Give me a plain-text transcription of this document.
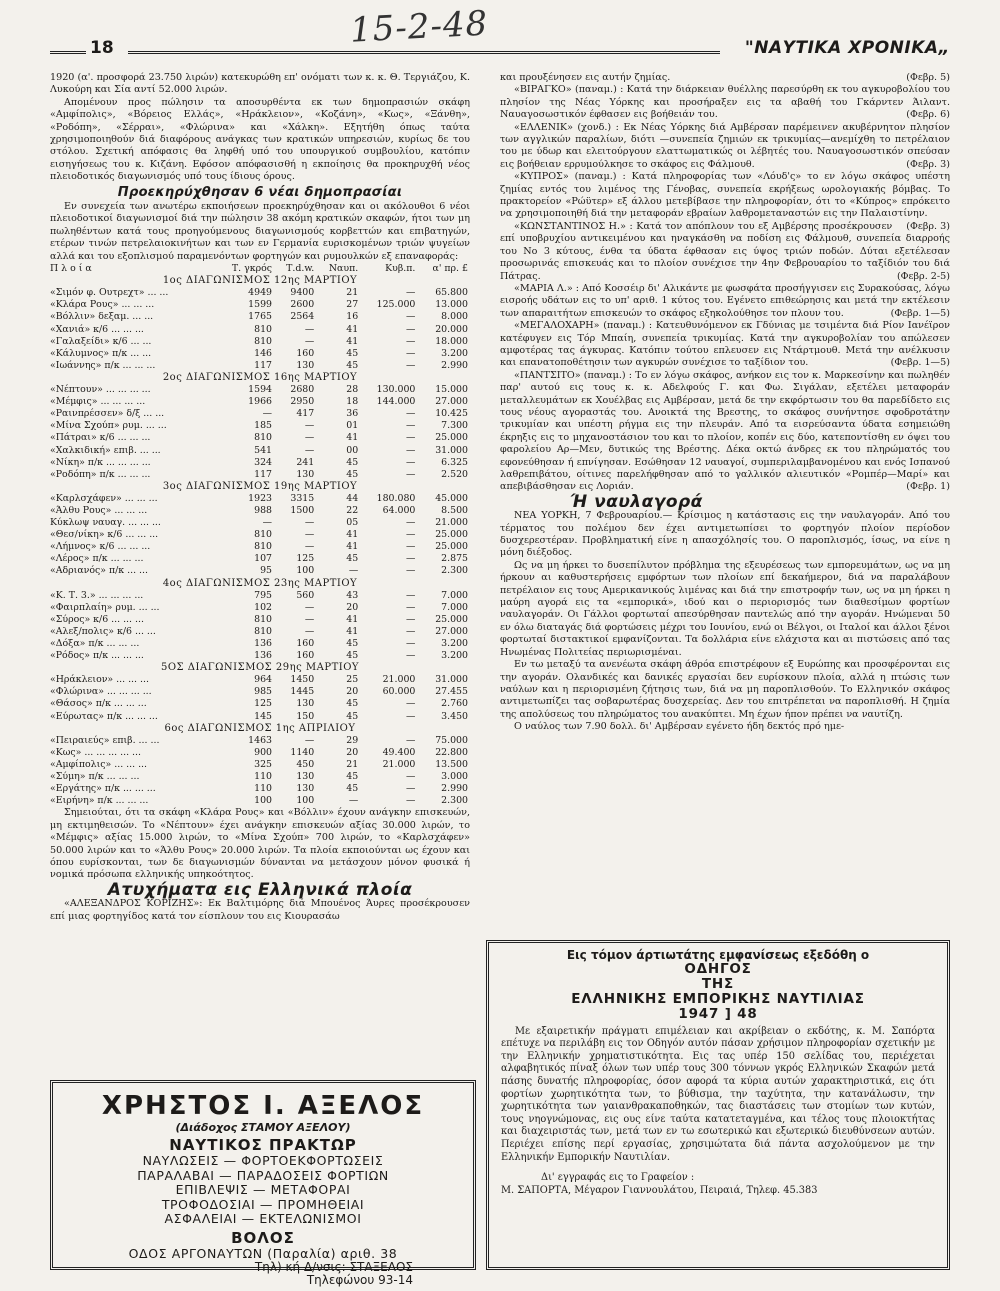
15-2-48
18	"ΝΑΥΤΙΚΑ ΧΡΟΝΙΚΑ„

1920 (α'. προσφορά 23.750 λιρών) κατεκυρώθη επ' ονόματι των κ. κ. Θ. Τεργιάζου, Κ. Λυκούρη και Σία αντί 52.000 λιρών.

Απομένουν προς πώλησιν τα αποσυρθέντα εκ των δημοπρασιών σκάφη «Αμφίπολις», «Βόρειος Ελλάς», «Ηράκλειον», «Κοζάνη», «Κως», «Ξάνθη», «Ροδόπη», «Σέρραι», «Φλώρινα» και «Χάλκη». Εξητήθη όπως ταύτα χρησιμοποιηθούν διά διαφόρους ανάγκας των κρατικών υπηρεσιών, κυρίως δε του στόλου. Σχετική απόφασις θα ληφθή υπό του υπουργικού συμβουλίου, κατόπιν εισηγήσεως του κ. Κιζάνη. Εφόσον απόφασισθή η εκποίησις θα προκηρυχθή νέος πλειοδοτικός διαγωνισμός υπό τους ίδιους όρους.

Προεκηρύχθησαν 6 νέαι δημοπρασίαι

Εν συνεχεία των ανωτέρω εκποιήσεων προεκηρύχθησαν και οι ακόλουθοι 6 νέοι πλειοδοτικοί διαγωνισμοί διά την πώλησιν 38 ακόμη κρατικών σκαφών, ήτοι των μη πωληθέντων κατά τους προηγούμενους διαγωνισμούς κορβεττών και επιβατηγών, ετέρων τινών πετρελαιοκινήτων και των εν Γερμανία ευρισκομένων τριών ψυγείων αλλά και του εξοπλισμού παραμενόντων φορτηγών και ρυμουλκών εξ επαναφοράς:

Π λ ο ί α	Τ. γκρός	Τ.d.w.	Ναυπ.	Κυβ.π.	α' πρ. £
1ος ΔΙΑΓΩΝΙΣΜΟΣ 12ης ΜΑΡΤΙΟΥ					
«Σιμόν φ. Ουτρεχτ» ... ...	4949	9400	21	—	65.800
«Κλάρα Ρους» ... ... ...	1599	2600	27	125.000	13.000
«Βόλλιν» δεξαμ. ... ...	1765	2564	16	—	8.000
«Χανιά» κ/6 ... ... ...	810	—	41	—	20.000
«Γαλαξείδι» κ/6 ... ...	810	—	41	—	18.000
«Κάλυμνος» π/κ ... ...	146	160	45	—	3.200
«Ιωάννης» π/κ ... ... ...	117	130	45	—	2.990
2ος ΔΙΑΓΩΝΙΣΜΟΣ 16ης ΜΑΡΤΙΟΥ					
«Νέπτουν» ... ... ... ...	1594	2680	28	130.000	15.000
«Μέμφις» ... ... ... ...	1966	2950	18	144.000	27.000
«Ραινπρέσσεν» δ/ξ ... ...	—	417	36	—	10.425
«Μίνα Σχούπ» ρυμ. ... ...	185	—	01	—	7.300
«Πάτραι» κ/6 ... ... ...	810	—	41	—	25.000
«Χαλκιδική» επιβ. ... ...	541	—	00	—	31.000
«Νίκη» π/κ ... ... ... ...	324	241	45	—	6.325
«Ροδόπη» π/κ ... ... ...	117	130	45	—	2.520
3ος ΔΙΑΓΩΝΙΣΜΟΣ 19ης ΜΑΡΤΙΟΥ					
«Καρλσχάφεν» ... ... ...	1923	3315	44	180.080	45.000
«Άλθυ Ρους» ... ... ...	988	1500	22	64.000	8.500
Κύκλωψ ναυαγ. ... ... ...	—	—	05	—	21.000
«Θεσ/νίκη» κ/6 ... ... ...	810	—	41	—	25.000
«Λήμνος» κ/6 ... ... ...	810	—	41	—	25.000
«Λέρος» π/κ ... ... ...	107	125	45	—	2.875
«Αδριανός» π/κ ... ...	95	100	—	—	2.300
4ος ΔΙΑΓΩΝΙΣΜΟΣ 23ης ΜΑΡΤΙΟΥ					
«Κ. Τ. 3.» ... ... ... ...	795	560	43	—	7.000
«Φαιρπλαίη» ρυμ. ... ...	102	—	20	—	7.000
«Σύρος» κ/6 ... ... ...	810	—	41	—	25.000
«Αλεξ/πολις» κ/6 ... ...	810	—	41	—	27.000
«Δόξα» π/κ ... ... ...	136	160	45	—	3.200
«Ρόδος» π/κ ... ... ...	136	160	45	—	3.200
5ΟΣ ΔΙΑΓΩΝΙΣΜΟΣ 29ης ΜΑΡΤΙΟΥ					
«Ηράκλειον» ... ... ...	964	1450	25	21.000	31.000
«Φλώρινα» ... ... ... ...	985	1445	20	60.000	27.455
«Θάσος» π/κ ... ... ...	125	130	45	—	2.760
«Εύρωτας» π/κ ... ... ...	145	150	45	—	3.450
6ος ΔΙΑΓΩΝΙΣΜΟΣ 1ης ΑΠΡΙΛΙΟΥ					
«Πειραιεύς» επιβ. ... ...	1463	—	29	—	75.000
«Κως» ... ... ... ... ...	900	1140	20	49.400	22.800
«Αμφίπολις» ... ... ...	325	450	21	21.000	13.500
«Σύμη» π/κ ... ... ...	110	130	45	—	3.000
«Εργάτης» π/κ ... ... ...	110	130	45	—	2.990
«Ειρήνη» π/κ ... ... ...	100	100	—	—	2.300

Σημειούται, ότι τα σκάφη «Κλάρα Ρους» και «Βόλλιν» έχουν ανάγκην επισκευών, μη εκτιμηθεισών. Το «Νέπτουν» έχει ανάγκην επισκευών αξίας 30.000 λιρών, το «Μέμφις» αξίας 15.000 λιρών, το «Μίνα Σχούπ» 700 λιρών, το «Καρλσχάφεν» 50.000 λιρών και το «Άλθυ Ρους» 20.000 λιρών. Τα πλοία εκποιούνται ως έχουν και όπου ευρίσκονται, των δε διαγωνισμών δύνανται να μετάσχουν μόνον φυσικά ή νομικά πρόσωπα ελληνικής υπηκοότητος.

Ατυχήματα εις Ελληνικά πλοία

«ΑΛΕΞΑΝΔΡΟΣ ΚΟΡΙΖΗΣ»: Εκ Βαλτιμόρης διά Μπουένος Άυρες προσέκρουσεν επί μιας φορτηγίδος κατά τον είσπλουν του εις Κιουρασάω

ΧΡΗΣΤΟΣ Ι. ΑΞΕΛΟΣ
(Διάδοχος ΣΤΑΜΟΥ ΑΞΕΛΟΥ)
ΝΑΥΤΙΚΟΣ ΠΡΑΚΤΩΡ
ΝΑΥΛΩΣΕΙΣ — ΦΟΡΤΟΕΚΦΟΡΤΩΣΕΙΣ
ΠΑΡΑΛΑΒΑΙ — ΠΑΡΑΔΟΣΕΙΣ ΦΟΡΤΙΩΝ
ΕΠΙΒΛΕΨΙΣ — ΜΕΤΑΦΟΡΑΙ
ΤΡΟΦΟΔΟΣΙΑΙ — ΠΡΟΜΗΘΕΙΑΙ
ΑΣΦΑΛΕΙΑΙ — ΕΚΤΕΛΩΝΙΣΜΟΙ
ΒΟΛΟΣ
ΟΔΟΣ ΑΡΓΟΝΑΥΤΩΝ (Παραλία) αριθ. 38
Τηλ) κή Δ/νσις: ΣΤΑΞΕΛΟΣ
Τηλεφώνου 93-14

και προυξένησεν εις αυτήν ζημίας.	(Φεβρ. 5)

«ΒΙΡΑΓΚΟ» (παναμ.) : Κατά την διάρκειαν θυέλλης παρεσύρθη εκ του αγκυροβολίου του πλησίον της Νέας Υόρκης και προσήραξεν εις τα αβαθή του Γκάρντεν Άιλαντ. Ναυαγοσωστικόν έφθασεν εις βοήθειάν του.	(Φεβρ. 6)

«ΕΛΛΕΝΙΚ» (χονδ.) : Εκ Νέας Υόρκης διά Αμβέρσαν παρέμεινεν ακυβέρνητον πλησίον των αγγλικών παραλίων, διότι —συνεπεία ζημιών εκ τρικυμίας—ανεμίχθη το πετρέλαιον του με ύδωρ και ελειτούργουν ελαττωματικώς οι λέβητές του. Ναυαγοσωστικόν σπεύσαν εις βοήθειαν ερρυμούλκησε το σκάφος εις Φάλμουθ.	(Φεβρ. 3)

«ΚΥΠΡΟΣ» (παναμ.) : Κατά πληροφορίας των «Λόυδ'ς» το εν λόγω σκάφος υπέστη ζημίας εντός του λιμένος της Γένοβας, συνεπεία εκρήξεως ωρολογιακής βόμβας. Το πρακτορείον «Ρώϋτερ» εξ άλλου μετεβίβασε την πληροφορίαν, ότι το «Κύπρος» επρόκειτο να χρησιμοποιηθή διά την μεταφοράν εβραίων λαθρομεταναστών εις την Παλαιστίνην.
(Φεβρ. 3)

«ΚΩΝΣΤΑΝΤΙΝΟΣ Η.» : Κατά τον απόπλουν του εξ Αμβέρσης προσέκρουσεν επί υποβρυχίου αντικειμένου και ηναγκάσθη να ποδίση εις Φάλμουθ, συνεπεία διαρροής του Νο 3 κύτους, ένθα τα ύδατα έφθασαν εις ύψος τριών ποδών. Δύται εξετέλεσαν προσωρινάς επισκευάς και το πλοίον συνέχισε την 4ην Φεβρουαρίου το ταξίδιόν του διά Πάτρας.	(Φεβρ. 2-5)

«ΜΑΡΙΑ Λ.» : Από Κοσσέιρ δι' Αλικάντε με φωσφάτα προσήγγισεν εις Συρακούσας, λόγω εισροής υδάτων εις το υπ' αριθ. 1 κύτος του. Εγένετο επιθεώρησις και μετά την εκτέλεσιν των απαραιτήτων επισκευών το σκάφος εξηκολούθησε τον πλουν του.	(Φεβρ. 1—5)

«ΜΕΓΑΛΟΧΑΡΗ» (παναμ.) : Κατευθυνόμενον εκ Γδύνιας με τσιμέντα διά Ρίον Ιανέϊρον κατέφυγεν εις Τόρ Μπαίη, συνεπεία τρικυμίας. Κατά την αγκυροβολίαν του απώλεσεν αμφοτέρας τας άγκυρας. Κατόπιν τούτου επλευσεν εις Ντάρτμουθ. Μετά την ανέλκυσιν και επανατοποθέτησιν των αγκυρών συνέχισε το ταξίδιον του.	(Φεβρ. 1—5)

«ΠΑΝΤΣΙΤΟ» (παναμ.) : Το εν λόγω σκάφος, ανήκον εις τον κ. Μαρκεσίνην και πωληθέν παρ' αυτού εις τους κ. κ. Αδελφούς Γ. και Φω. Σιγάλαν, εξετέλει μεταφοράν μεταλλευμάτων εκ Χουέλβας εις Αμβέρσαν, μετά δε την εκφόρτωσιν του θα παρεδίδετο εις τους νέους αγοραστάς του. Ανοικτά της Βρεστης, το σκάφος συνήντησε σφοδροτάτην τρικυμίαν και υπέστη ρήγμα εις την πλευράν. Από τα εισρεύσαντα ύδατα εσημειώθη έκρηξις εις το μηχανοστάσιον του και το πλοίον, κοπέν εις δύο, κατεποντίσθη εν όψει του φαρολείου Αρ—Μεν, δυτικώς της Βρέστης. Δέκα οκτώ άνδρες εκ του πληρώματός του εφονεύθησαν ή επνίγησαν. Εσώθησαν 12 ναυαγοί, συμπεριλαμβανομένου και ενός Ισπανού λαθρεπιβάτου, οίτινες παρελήφθησαν από το γαλλικόν αλιευτικόν «Ρομπέρ—Μαρί» και απεβιβάσθησαν εις Λοριάν.	(Φεβρ. 1)

Ή ναυλαγορά

ΝΕΑ ΥΟΡΚΗ, 7 Φεβρουαρίου.— Κρίσιμος η κατάστασις εις την ναυλαγοράν. Από του τέρματος του πολέμου δεν έχει αντιμετωπίσει το φορτηγόν πλοίον περίοδον δυσχερεστέραν. Προβληματική είνε η απασχόλησίς του. Ο παροπλισμός, ίσως, να είνε η μόνη διέξοδος.

Ως να μη ήρκει το δυσεπίλυτον πρόβλημα της εξευρέσεως των εμπορευμάτων, ως να μη ήρκουν αι καθυστερήσεις εμφόρτων των πλοίων επί δεκαήμερον, διά να παραλάβουν πετρέλαιον εις τους Αμερικανικούς λιμένας και διά την επιστροφήν των, ως να μη ήρκει η μαύρη αγορά εις τα «εμπορικά», ιδού και ο περιορισμός των διαθεσίμων φορτίων ναυλαγοράν. Οι Γάλλοι φορτωταί απεσύρθησαν παντελώς από την αγοράν. Ηνώμεναι 50 εν όλω διαταγάς διά φορτώσεις μέχρι του Ιουνίου, ενώ οι Βέλγοι, οι Ιταλοί και άλλοι ξένοι φορτωταί διστακτικοί εμφανίζονται. Τα δολλάρια είνε ελάχιστα και αι πιστώσεις από τας Ηνωμένας Πολιτείας περιωρισμέναι.

Εν τω μεταξύ τα ανενέωτα σκάφη άθρόα επιστρέφουν εξ Ευρώπης και προσφέρονται εις την αγοράν. Ολανδικές και δανικές εργασίαι δεν ευρίσκουν πλοία, αλλά η πτώσις των ναύλων και η περιορισμένη ζήτησις των, διά να μη παροπλισθούν. Το Ελληνικόν σκάφος αντιμετωπίζει τας σοβαρωτέρας δυσχερείας. Δεν του επιτρέπεται να παροπλισθή. Η ζημία της απολύσεως του πληρώματος του ανακύπτει. Μη έχων ήπον πρέπει να ναυτίζη.

Ο ναύλος των 7.90 δολλ. δι' Αμβέρσαν εγένετο ήδη δεκτός πρό ημε-

Εις τόμον άρτιωτάτης εμφανίσεως εξεδόθη ο
ΟΔΗΓΟΣ
ΤΗΣ
ΕΛΛΗΝΙΚΗΣ ΕΜΠΟΡΙΚΗΣ ΝΑΥΤΙΛΙΑΣ
1947 ] 48

Με εξαιρετικήν πράγματι επιμέλειαν και ακρίβειαν ο εκδότης, κ. Μ. Σαπόρτα επέτυχε να περιλάβη εις τον Οδηγόν αυτόν πάσαν χρήσιμον πληροφορίαν σχετικήν με την Ελληνικήν χρηματιστικότητα. Εις τας υπέρ 150 σελίδας του, περιέχεται αλφαβητικός πίναξ όλων των υπέρ τους 300 τόννων γκρός Ελληνικών Σκαφών μετά πάσης δυνατής πληροφορίας, όσον αφορά τα κύρια αυτών χαρακτηριστικά, εις ότι φορτίων χωρητικότητα των, το βύθισμα, την ταχύτητα, την κατανάλωσιν, την χωρητικότητα των γαιανθρακαποθηκών, τας διαστάσεις των στομίων των κυτών, τους νηογνώμονας, εις ους είνε ταύτα κατατεταγμένα, και τέλος τους πλοιοκτήτας και διαχειριστάς των, μετά των εν τω εσωτερικώ και εξωτερικώ διευθύνσεων αυτών. Περιέχει επίσης περί εργασίας, χρησιμώτατα διά πάντα ασχολούμενον με την Ελληνικήν Εμπορικήν Ναυτιλίαν.

Δι' εγγραφάς εις το Γραφείον :
Μ. ΣΑΠΟΡΤΑ, Μέγαρον Γιαννουλάτου, Πειραιά, Τηλεφ. 45.383
